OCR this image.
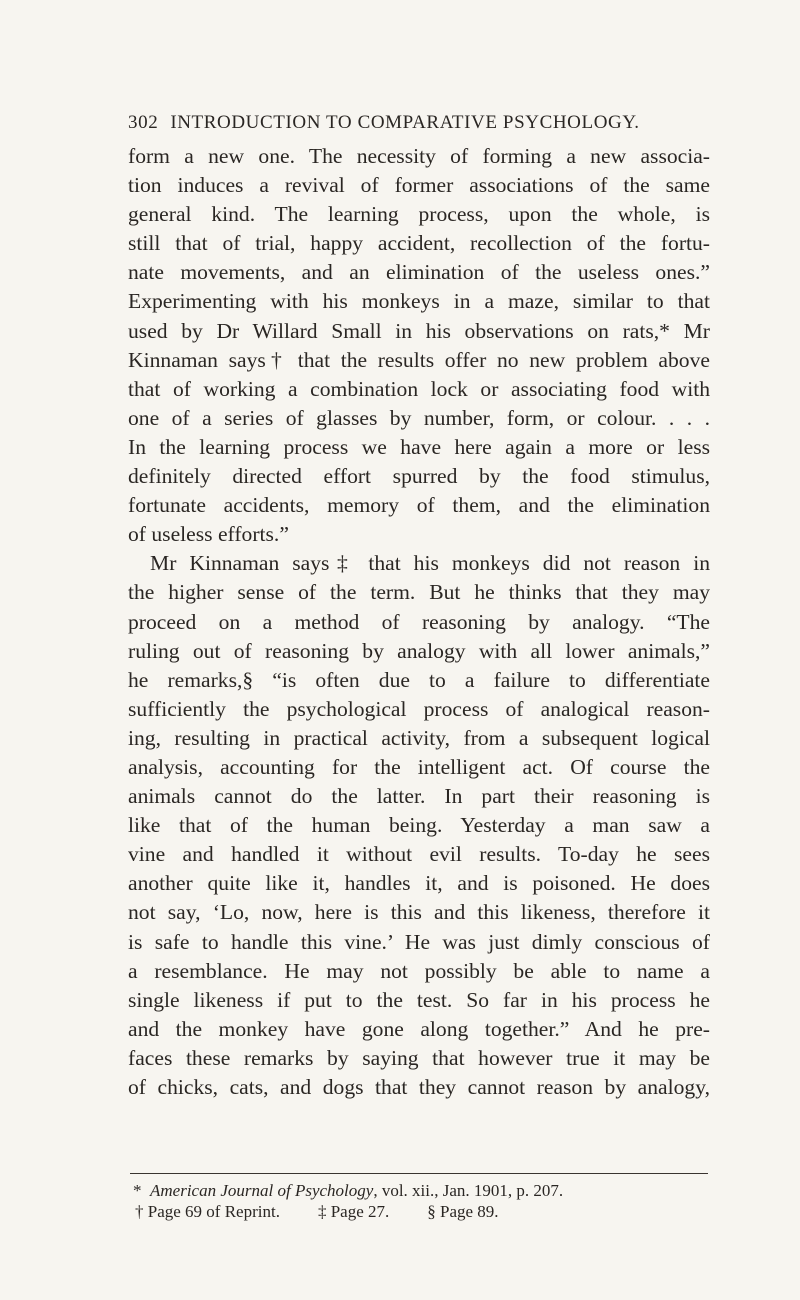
302 INTRODUCTION TO COMPARATIVE PSYCHOLOGY.
form a new one. The necessity of forming a new associa-
tion induces a revival of former associations of the same
general kind. The learning process, upon the whole, is
still that of trial, happy accident, recollection of the fortu-
nate movements, and an elimination of the useless ones.”
Experimenting with his monkeys in a maze, similar to that
used by Dr Willard Small in his observations on rats,* Mr
Kinnaman says† that the results offer no new problem above
that of working a combination lock or associating food with
one of a series of glasses by number, form, or colour. . . .
In the learning process we have here again a more or less
definitely directed effort spurred by the food stimulus,
fortunate accidents, memory of them, and the elimination
of useless efforts.”
Mr Kinnaman says‡ that his monkeys did not reason in
the higher sense of the term. But he thinks that they may
proceed on a method of reasoning by analogy. “The
ruling out of reasoning by analogy with all lower animals,”
he remarks,§ “is often due to a failure to differentiate
sufficiently the psychological process of analogical reason-
ing, resulting in practical activity, from a subsequent logical
analysis, accounting for the intelligent act. Of course the
animals cannot do the latter. In part their reasoning is
like that of the human being. Yesterday a man saw a
vine and handled it without evil results. To-day he sees
another quite like it, handles it, and is poisoned. He does
not say, ‘Lo, now, here is this and this likeness, therefore it
is safe to handle this vine.’ He was just dimly conscious of
a resemblance. He may not possibly be able to name a
single likeness if put to the test. So far in his process he
and the monkey have gone along together.” And he pre-
faces these remarks by saying that however true it may be
of chicks, cats, and dogs that they cannot reason by analogy,
* American Journal of Psychology, vol. xii., Jan. 1901, p. 207.
† Page 69 of Reprint. ‡ Page 27. § Page 89.
